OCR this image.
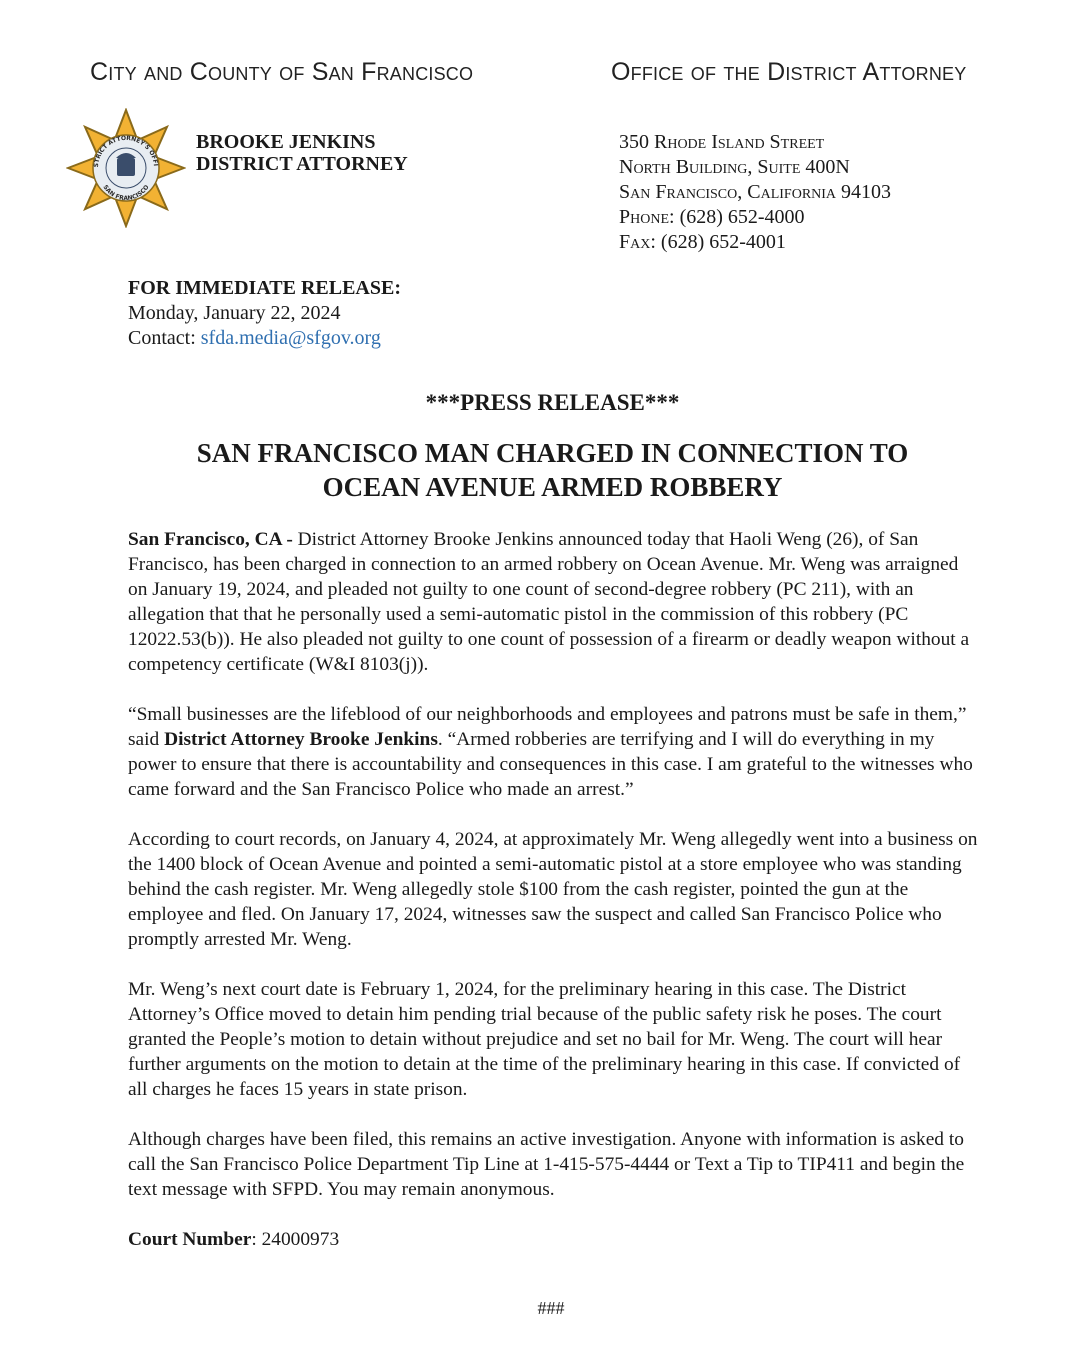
City and County of San Francisco	Office of the District Attorney
STRICT ATTORNEY'S OFFI
SAN FRANCISCO
BROOKE JENKINS
DISTRICT ATTORNEY
350 Rhode Island Street
North Building, Suite 400N
San Francisco, California 94103
Phone: (628) 652-4000
Fax: (628) 652-4001
FOR IMMEDIATE RELEASE:
Monday, January 22, 2024
Contact: sfda.media@sfgov.org
***PRESS RELEASE***
SAN FRANCISCO MAN CHARGED IN CONNECTION TO
OCEAN AVENUE ARMED ROBBERY

San Francisco, CA - District Attorney Brooke Jenkins announced today that Haoli Weng (26), of San Francisco, has been charged in connection to an armed robbery on Ocean Avenue. Mr. Weng was arraigned on January 19, 2024, and pleaded not guilty to one count of second-degree robbery (PC 211), with an allegation that that he personally used a semi-automatic pistol in the commission of this robbery (PC 12022.53(b)). He also pleaded not guilty to one count of possession of a firearm or deadly weapon without a competency certificate (W&I 8103(j)).

“Small businesses are the lifeblood of our neighborhoods and employees and patrons must be safe in them,” said District Attorney Brooke Jenkins. “Armed robberies are terrifying and I will do everything in my power to ensure that there is accountability and consequences in this case. I am grateful to the witnesses who came forward and the San Francisco Police who made an arrest.”

According to court records, on January 4, 2024, at approximately Mr. Weng allegedly went into a business on the 1400 block of Ocean Avenue and pointed a semi-automatic pistol at a store employee who was standing behind the cash register. Mr. Weng allegedly stole $100 from the cash register, pointed the gun at the employee and fled. On January 17, 2024, witnesses saw the suspect and called San Francisco Police who promptly arrested Mr. Weng.

Mr. Weng’s next court date is February 1, 2024, for the preliminary hearing in this case. The District Attorney’s Office moved to detain him pending trial because of the public safety risk he poses. The court granted the People’s motion to detain without prejudice and set no bail for Mr. Weng. The court will hear further arguments on the motion to detain at the time of the preliminary hearing in this case. If convicted of all charges he faces 15 years in state prison.

Although charges have been filed, this remains an active investigation. Anyone with information is asked to call the San Francisco Police Department Tip Line at 1-415-575-4444 or Text a Tip to TIP411 and begin the text message with SFPD. You may remain anonymous.

Court Number: 24000973

###
